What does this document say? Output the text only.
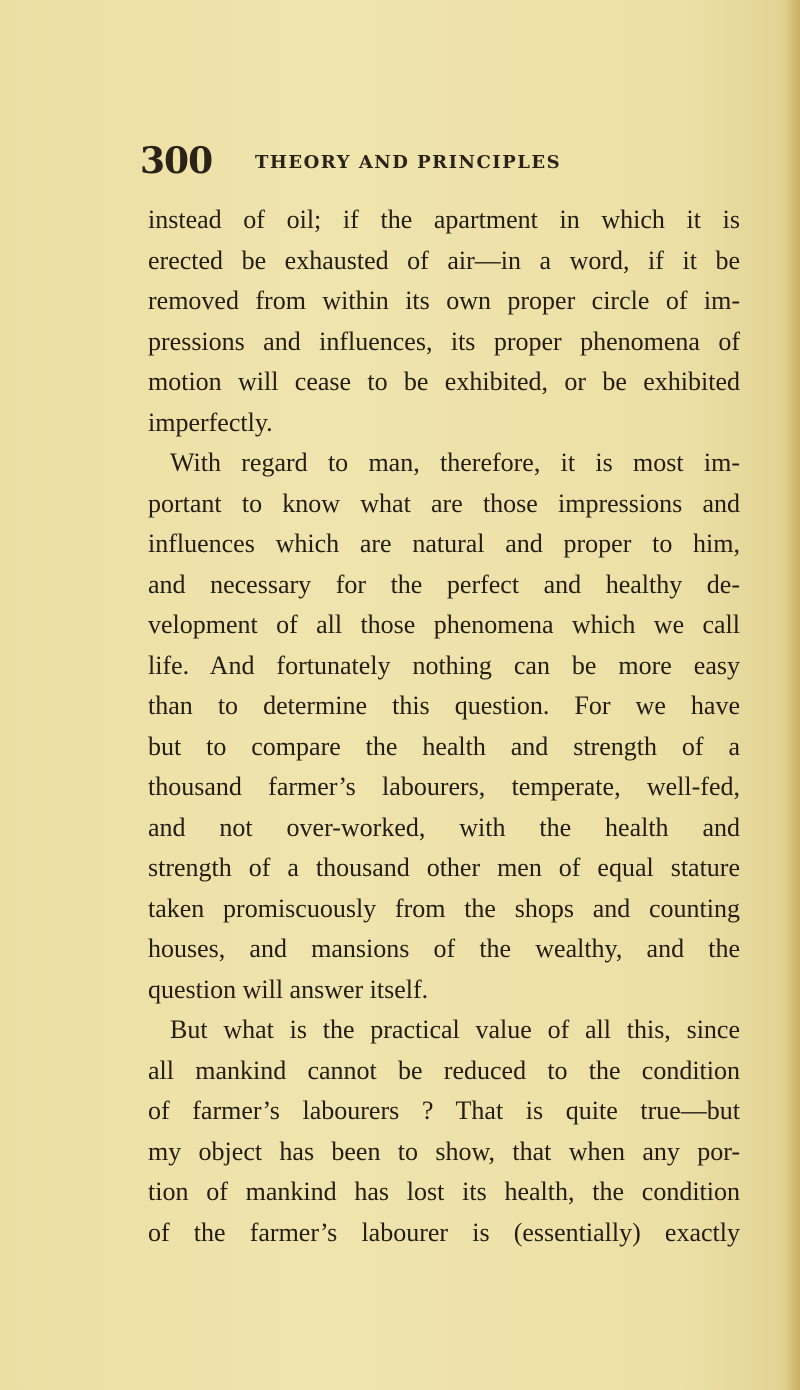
300 THEORY AND PRINCIPLES
instead of oil; if the apartment in which it is
erected be exhausted of air—in a word, if it be
removed from within its own proper circle of im-
pressions and influences, its proper phenomena of
motion will cease to be exhibited, or be exhibited
imperfectly.
With regard to man, therefore, it is most im-
portant to know what are those impressions and
influences which are natural and proper to him,
and necessary for the perfect and healthy de-
velopment of all those phenomena which we call
life. And fortunately nothing can be more easy
than to determine this question. For we have
but to compare the health and strength of a
thousand farmer’s labourers, temperate, well-fed,
and not over-worked, with the health and
strength of a thousand other men of equal stature
taken promiscuously from the shops and counting
houses, and mansions of the wealthy, and the
question will answer itself.
But what is the practical value of all this, since
all mankind cannot be reduced to the condition
of farmer’s labourers ? That is quite true—but
my object has been to show, that when any por-
tion of mankind has lost its health, the condition
of the farmer’s labourer is (essentially) exactly
